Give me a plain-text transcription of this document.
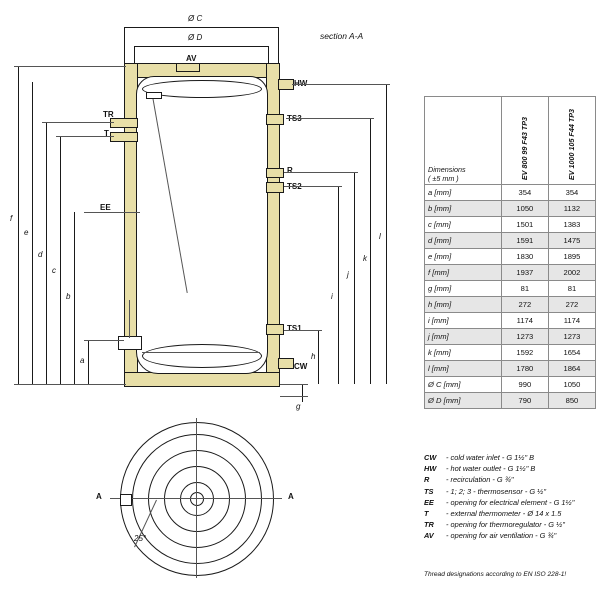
section A-A
Ø C
Ø D
HW
TS3
R
TS2
TS1
CW
AV
TR
T
EE
f
e
d
c
b
a
l
k
j
i
h
g
25°
A	A
Dimensions
( ±5 mm )	EV 800 99 F43 TP3	EV 1000 105 F44 TP3
a [mm]	354	354
b [mm]	1050	1132
c [mm]	1501	1383
d [mm]	1591	1475
e [mm]	1830	1895
f [mm]	1937	2002
g [mm]	81	81
h [mm]	272	272
i [mm]	1174	1174
j [mm]	1273	1273
k [mm]	1592	1654
l [mm]	1780	1864
Ø C [mm]	990	1050
Ø D [mm]	790	850
CW	- cold water inlet - G 1½" B
HW	- hot water outlet - G 1½" B
R	- recirculation - G ¾"
TS	- 1; 2; 3 - thermosensor - G ½"
EE	- opening for electrical element - G 1½"
T	- external thermometer - Ø 14 x 1.5
TR	- opening for thermoregulator - G ½"
AV	- opening for air ventilation - G ¾"
Thread designations according to EN ISO 228-1!
